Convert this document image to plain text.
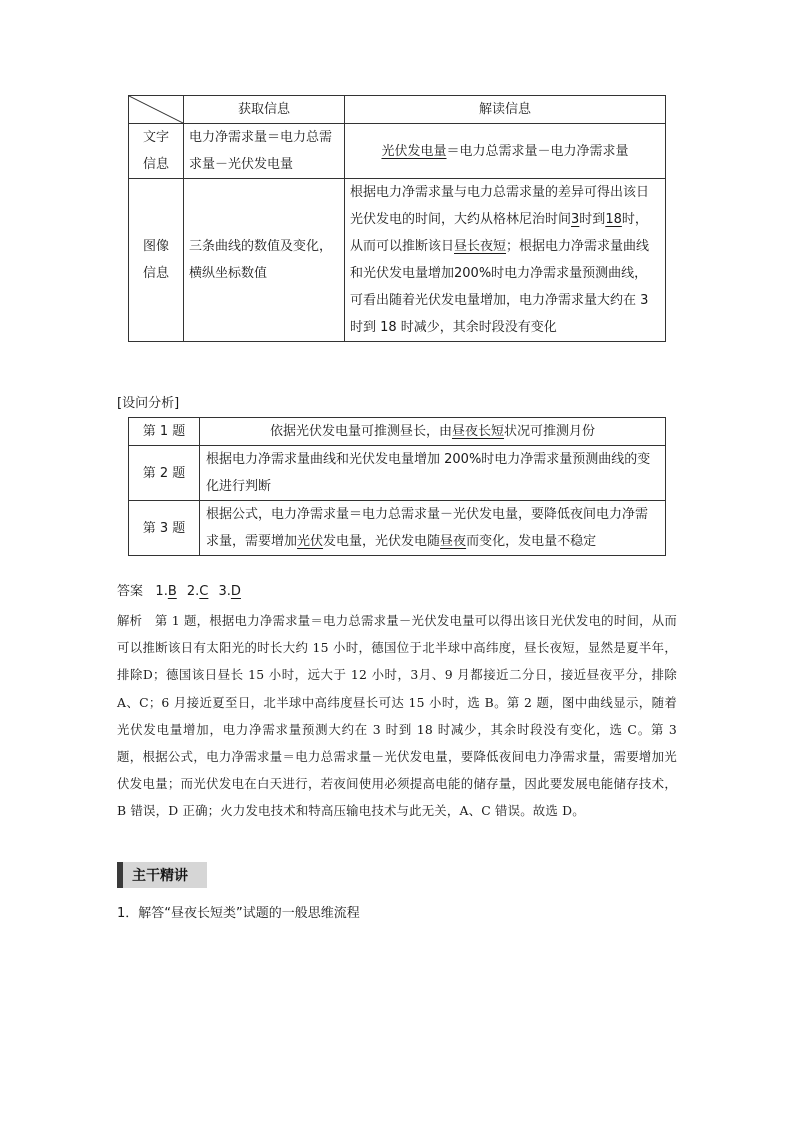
	获取信息	解读信息
文字
信息	电力净需求量＝电力总需求量－光伏发电量	光伏发电量＝电力总需求量－电力净需求量
图像
信息	三条曲线的数值及变化，横纵坐标数值	根据电力净需求量与电力总需求量的差异可得出该日光伏发电的时间，大约从格林尼治时间3时到18时，从而可以推断该日昼长夜短；根据电力净需求量曲线和光伏发电量增加200%时电力净需求量预测曲线，可看出随着光伏发电量增加，电力净需求量大约在 3 时到 18 时减少，其余时段没有变化
[设问分析]
第 1 题	依据光伏发电量可推测昼长，由昼夜长短状况可推测月份
第 2 题	根据电力净需求量曲线和光伏发电量增加 200%时电力净需求量预测曲线的变化进行判断
第 3 题	根据公式，电力净需求量＝电力总需求量－光伏发电量，要降低夜间电力净需求量，需要增加光伏发电量，光伏发电随昼夜而变化，发电量不稳定
答案 1.B 2.C 3.D
解析 第 1 题，根据电力净需求量＝电力总需求量－光伏发电量可以得出该日光伏发电的时间，从而可以推断该日有太阳光的时长大约 15 小时，德国位于北半球中高纬度，昼长夜短，显然是夏半年，排除D；德国该日昼长 15 小时，远大于 12 小时，3月、9 月都接近二分日，接近昼夜平分，排除 A、C；6 月接近夏至日，北半球中高纬度昼长可达 15 小时，选 B。第 2 题，图中曲线显示，随着光伏发电量增加，电力净需求量预测大约在 3 时到 18 时减少，其余时段没有变化，选 C。第 3 题，根据公式，电力净需求量＝电力总需求量－光伏发电量，要降低夜间电力净需求量，需要增加光伏发电量；而光伏发电在白天进行，若夜间使用必须提高电能的储存量，因此要发展电能储存技术，B 错误，D 正确；火力发电技术和特高压输电技术与此无关，A、C 错误。故选 D。
主干精讲
1．解答“昼夜长短类”试题的一般思维流程
